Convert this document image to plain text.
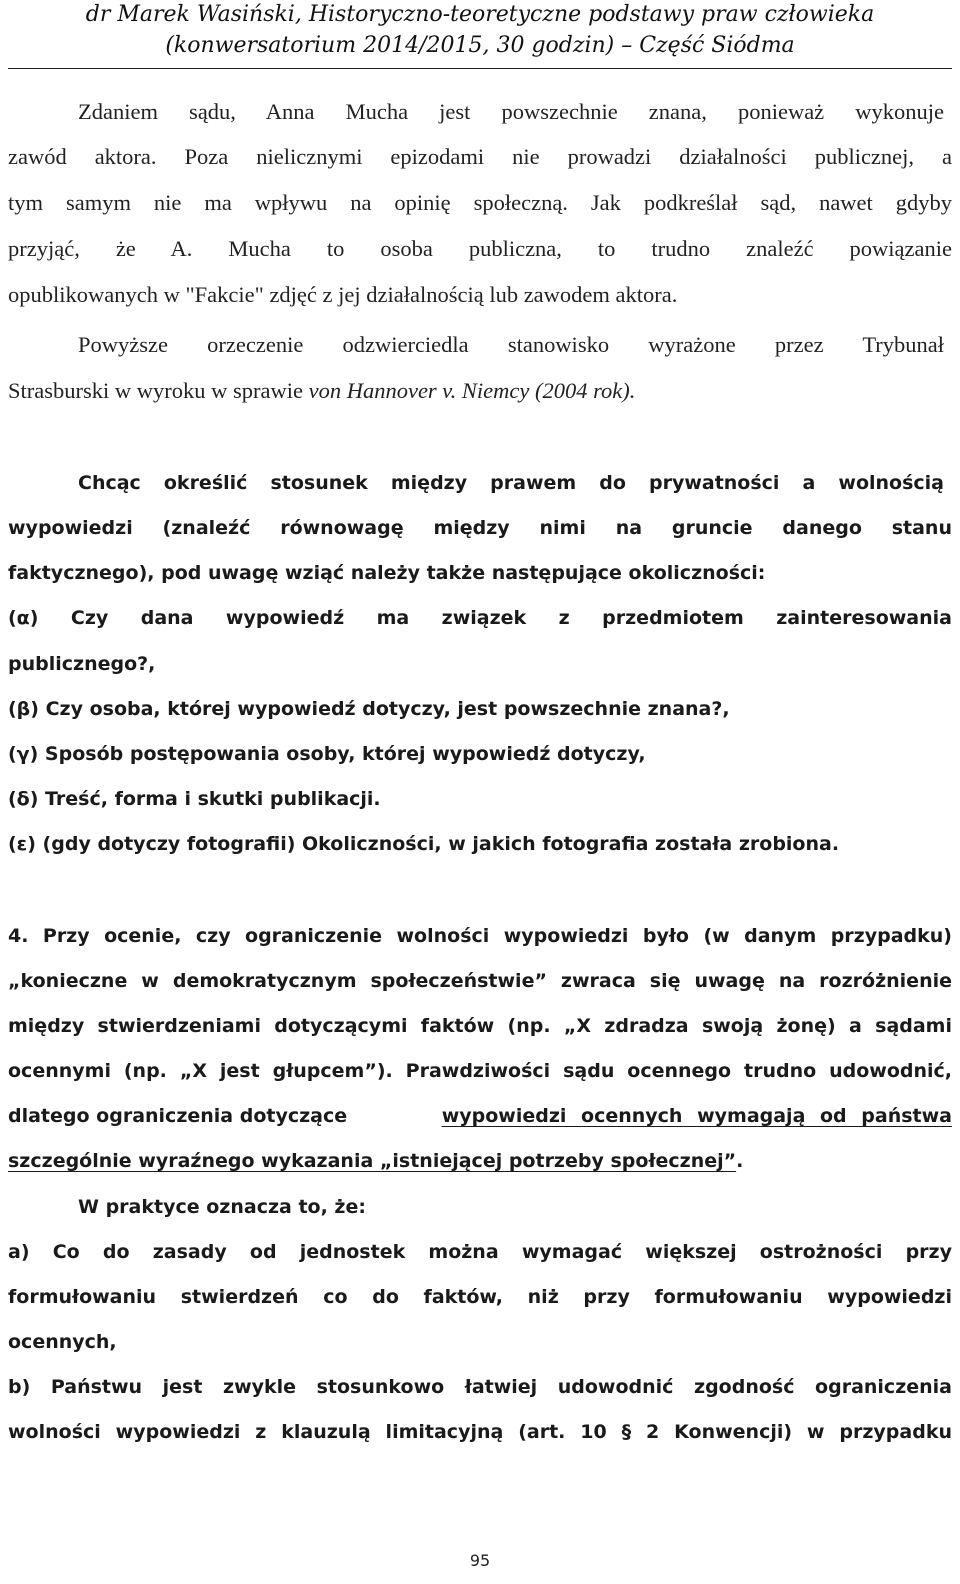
dr Marek Wasiński, Historyczno-teoretyczne podstawy praw człowieka
(konwersatorium 2014/2015, 30 godzin) – Część Siódma
Zdaniem sądu, Anna Mucha jest powszechnie znana, ponieważ wykonuje
zawód aktora. Poza nielicznymi epizodami nie prowadzi działalności publicznej, a
tym samym nie ma wpływu na opinię społeczną. Jak podkreślał sąd, nawet gdyby
przyjąć, że A. Mucha to osoba publiczna, to trudno znaleźć powiązanie
opublikowanych w "Fakcie" zdjęć z jej działalnością lub zawodem aktora.
Powyższe orzeczenie odzwierciedla stanowisko wyrażone przez Trybunał
Strasburski w wyroku w sprawie von Hannover v. Niemcy (2004 rok).
Chcąc określić stosunek między prawem do prywatności a wolnością
wypowiedzi (znaleźć równowagę między nimi na gruncie danego stanu
faktycznego), pod uwagę wziąć należy także następujące okoliczności:
(α) Czy dana wypowiedź ma związek z przedmiotem zainteresowania
publicznego?,
(β) Czy osoba, której wypowiedź dotyczy, jest powszechnie znana?,
(γ) Sposób postępowania osoby, której wypowiedź dotyczy,
(δ) Treść, forma i skutki publikacji.
(ε) (gdy dotyczy fotografii) Okoliczności, w jakich fotografia została zrobiona.
4. Przy ocenie, czy ograniczenie wolności wypowiedzi było (w danym przypadku)
„konieczne w demokratycznym społeczeństwie” zwraca się uwagę na rozróżnienie
między stwierdzeniami dotyczącymi faktów (np. „X zdradza swoją żonę) a sądami
ocennymi (np. „X jest głupcem”). Prawdziwości sądu ocennego trudno udowodnić,
dlatego ograniczenia dotyczące	wypowiedzi ocennych wymagają od państwa
szczególnie wyraźnego wykazania „istniejącej potrzeby społecznej”.
W praktyce oznacza to, że:
a) Co do zasady od jednostek można wymagać większej ostrożności przy
formułowaniu stwierdzeń co do faktów, niż przy formułowaniu wypowiedzi
ocennych,
b) Państwu jest zwykle stosunkowo łatwiej udowodnić zgodność ograniczenia
wolności wypowiedzi z klauzulą limitacyjną (art. 10 § 2 Konwencji) w przypadku
95
